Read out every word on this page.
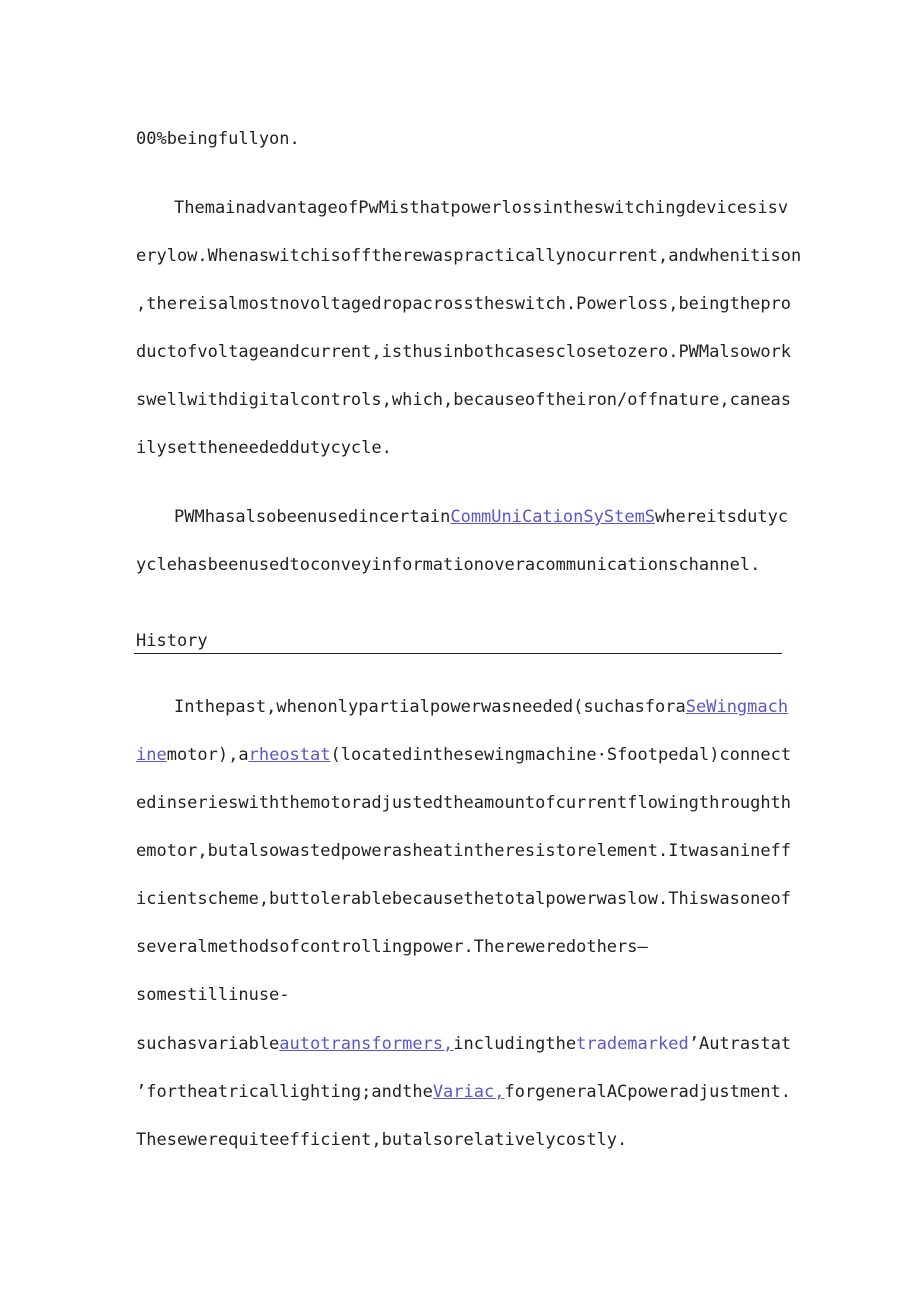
00%beingfullyon.
ThemainadvantageofPwMisthatpowerlossintheswitchingdevicesisv
erylow.Whenaswitchisofftherewaspracticallynocurrent,andwhenitison
,thereisalmostnovoltagedropacrosstheswitch.Powerloss,beingthepro
ductofvoltageandcurrent,isthusinbothcasesclosetozero.PWMalsowork
swellwithdigitalcontrols,which,becauseoftheiron/offnature,caneas
ilysettheneededdutycycle.
PWMhasalsobeenusedincertainCommUniCationSyStemSwhereitsdutyc
yclehasbeenusedtoconveyinformationoveracommunicationschannel.
History
Inthepast,whenonlypartialpowerwasneeded(suchasforaSeWingmach
inemotor),arheostat(locatedinthesewingmachine·Sfootpedal)connect
edinserieswiththemotoradjustedtheamountofcurrentflowingthroughth
emotor,butalsowastedpowerasheatintheresistorelement.Itwasanineff
icientscheme,buttolerablebecausethetotalpowerwaslow.Thiswasoneof
severalmethodsofcontrollingpower.Thereweredothers—
somestillinuse-
suchasvariableautotransformers,includingthetrademarked’Autrastat
’fortheatricallighting;andtheVariac,forgeneralACpoweradjustment.
Thesewerequiteefficient,butalsorelativelycostly.
